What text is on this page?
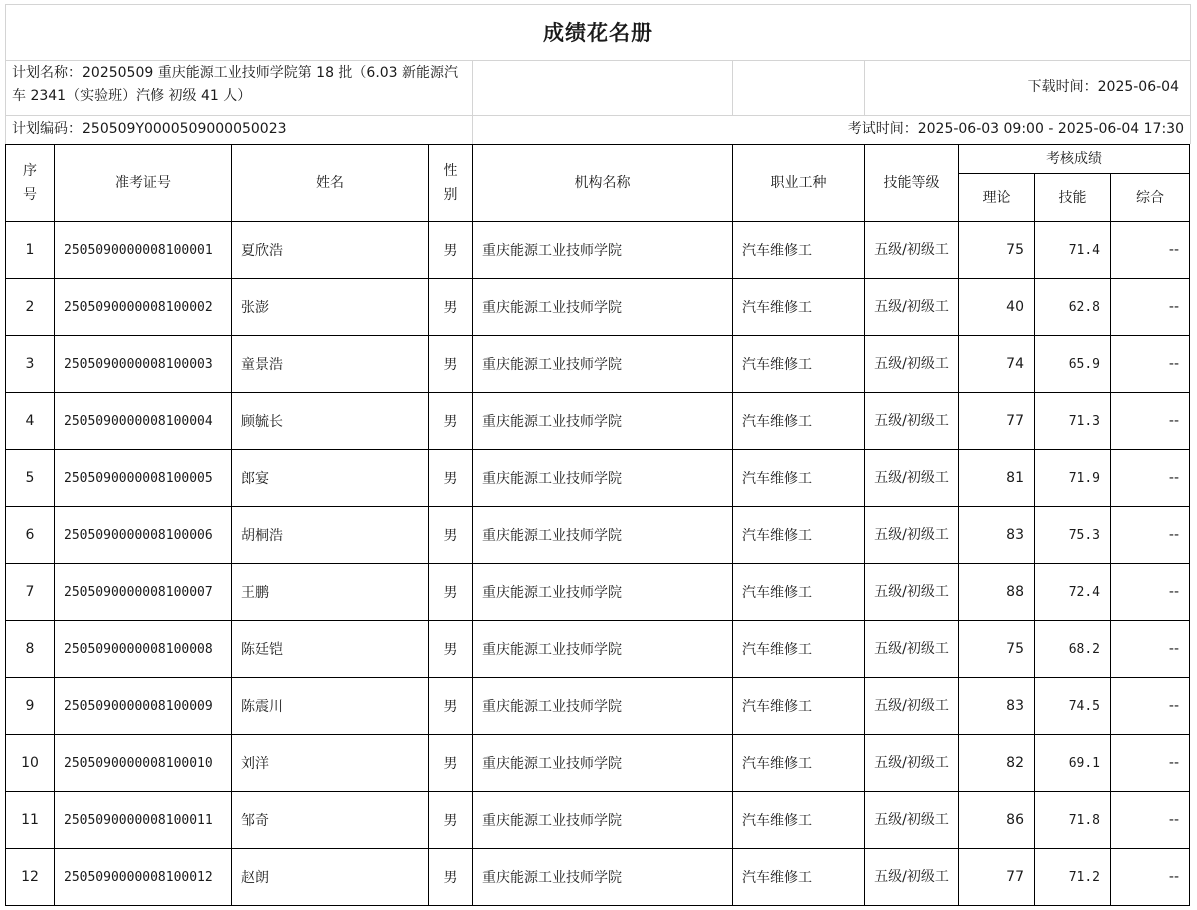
成绩花名册
计划名称：20250509 重庆能源工业技师学院第 18 批（6.03 新能源汽车 2341（实验班）汽修 初级 41 人）
下载时间：2025-06-04
计划编码：250509Y0000509000050023	考试时间：2025-06-03 09:00 - 2025-06-04 17:30
序号	准考证号	姓名	性别	机构名称	职业工种	技能等级	考核成绩		
							理论	技能	综合
1	2505090000008100001	夏欣浩	男	重庆能源工业技师学院	汽车维修工	五级/初级工	75	71.4	--
2	2505090000008100002	张澎	男	重庆能源工业技师学院	汽车维修工	五级/初级工	40	62.8	--
3	2505090000008100003	童景浩	男	重庆能源工业技师学院	汽车维修工	五级/初级工	74	65.9	--
4	2505090000008100004	顾毓长	男	重庆能源工业技师学院	汽车维修工	五级/初级工	77	71.3	--
5	2505090000008100005	郎宴	男	重庆能源工业技师学院	汽车维修工	五级/初级工	81	71.9	--
6	2505090000008100006	胡桐浩	男	重庆能源工业技师学院	汽车维修工	五级/初级工	83	75.3	--
7	2505090000008100007	王鹏	男	重庆能源工业技师学院	汽车维修工	五级/初级工	88	72.4	--
8	2505090000008100008	陈廷铠	男	重庆能源工业技师学院	汽车维修工	五级/初级工	75	68.2	--
9	2505090000008100009	陈震川	男	重庆能源工业技师学院	汽车维修工	五级/初级工	83	74.5	--
10	2505090000008100010	刘洋	男	重庆能源工业技师学院	汽车维修工	五级/初级工	82	69.1	--
11	2505090000008100011	邹奇	男	重庆能源工业技师学院	汽车维修工	五级/初级工	86	71.8	--
12	2505090000008100012	赵朗	男	重庆能源工业技师学院	汽车维修工	五级/初级工	77	71.2	--
